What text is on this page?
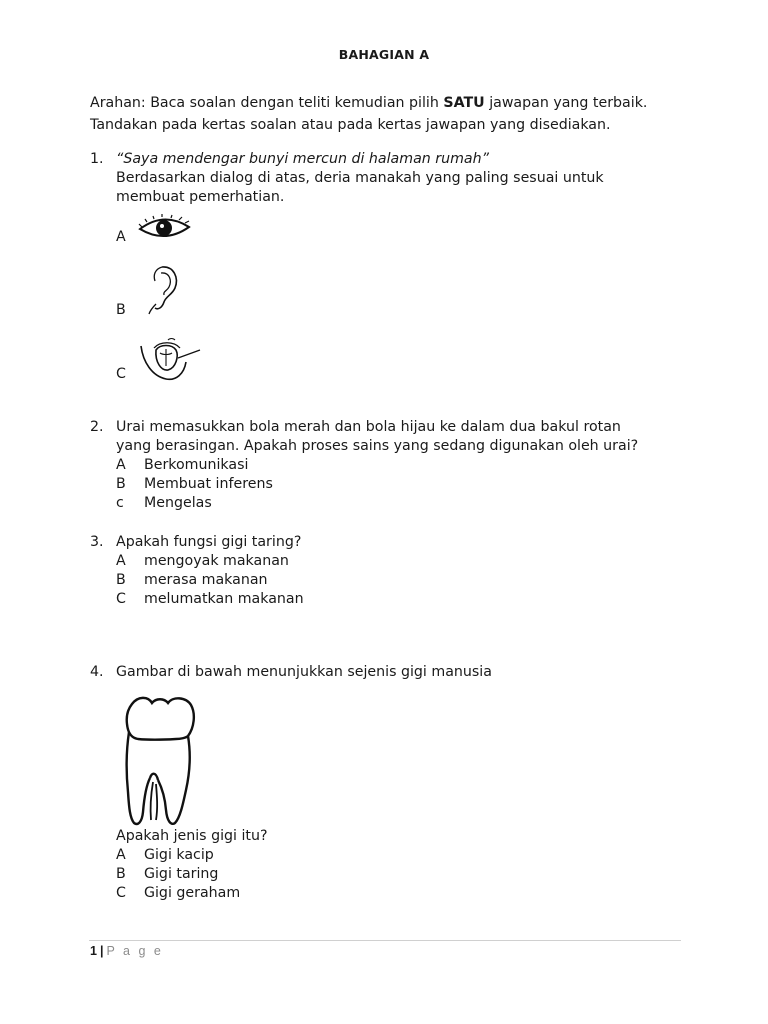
BAHAGIAN A
Arahan: Baca soalan dengan teliti kemudian pilih SATU jawapan yang terbaik.
Tandakan pada kertas soalan atau pada kertas jawapan yang disediakan.
1. “Saya mendengar bunyi mercun di halaman rumah”
Berdasarkan dialog di atas, deria manakah yang paling sesuai untuk
membuat pemerhatian.
A
B
C
2. Urai memasukkan bola merah dan bola hijau ke dalam dua bakul rotan
yang berasingan. Apakah proses sains yang sedang digunakan oleh urai?
A Berkomunikasi
B Membuat inferens
c Mengelas
3. Apakah fungsi gigi taring?
A mengoyak makanan
B merasa makanan
C melumatkan makanan
4. Gambar di bawah menunjukkan sejenis gigi manusia
Apakah jenis gigi itu?
A Gigi kacip
B Gigi taring
C Gigi geraham
1 | P a g e
